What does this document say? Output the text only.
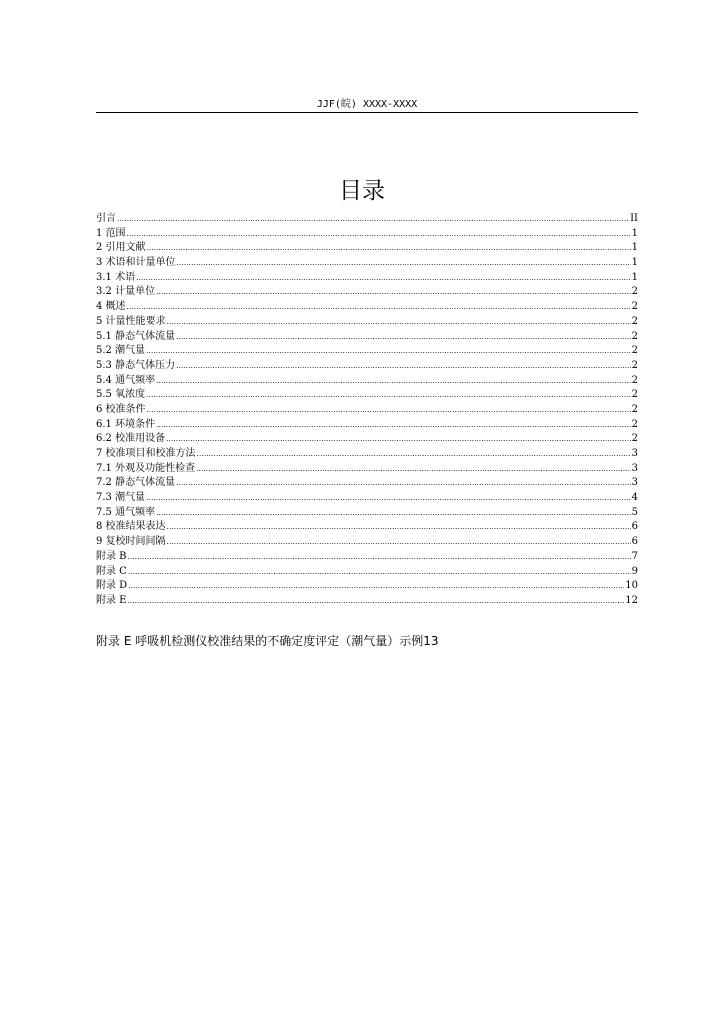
JJF(皖) XXXX-XXXX
目录
引言 .....	II
1 范围 .....	1
2 引用文献 .....	1
3 术语和计量单位 .....	1
3.1 术语 .....	1
3.2 计量单位 .....	2
4 概述 .....	2
5 计量性能要求 .....	2
5.1 静态气体流量 .....	2
5.2 潮气量 .....	2
5.3 静态气体压力 .....	2
5.4 通气频率 .....	2
5.5 氧浓度 .....	2
6 校准条件 .....	2
6.1 环境条件 .....	2
6.2 校准用设备 .....	2
7 校准项目和校准方法 .....	3
7.1 外观及功能性检查 .....	3
7.2 静态气体流量 .....	3
7.3 潮气量 .....	4
7.5 通气频率 .....	5
8 校准结果表达 .....	6
9 复校时间间隔 .....	6
附录 B .....	7
附录 C .....	9
附录 D .....	10
附录 E .....	12
附录 E 呼吸机检测仪校准结果的不确定度评定（潮气量）示例13
